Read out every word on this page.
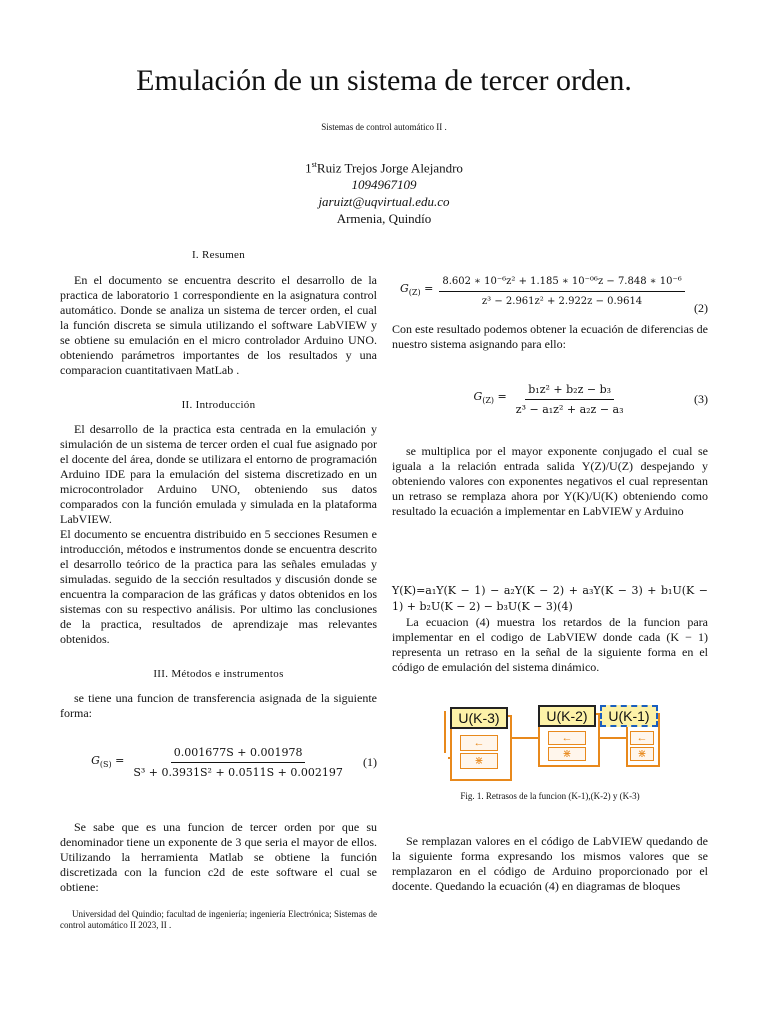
Emulación de un sistema de tercer orden.
Sistemas de control automático II .
1stRuiz Trejos Jorge Alejandro
1094967109
jaruizt@uqvirtual.edu.co
Armenia, Quindío

I. Resumen

En el documento se encuentra descrito el desarrollo de la practica de laboratorio 1 correspondiente en la asignatura control automático. Donde se analiza un sistema de tercer orden, el cual la función discreta se simula utilizando el software LabVIEW y se obtiene su emulación en el micro controlador Arduino UNO. obteniendo parámetros importantes de los resultados y una comparacion cuantitativaen MatLab .

II. Introducción

El desarrollo de la practica esta centrada en la emulación y simulación de un sistema de tercer orden el cual fue asignado por el docente del área, donde se utilizara el entorno de programación Arduino IDE para la emulación del sistema discretizado en un microcontrolador Arduino UNO, obteniendo sus datos comparados con la función emulada y simulada en la plataforma LabVIEW.

El documento se encuentra distribuido en 5 secciones Resumen e introducción, métodos e instrumentos donde se encuentra descrito el desarrollo teórico de la practica para las señales emuladas y simuladas. seguido de la sección resultados y discusión donde se encuentra la comparacion de las gráficas y datos obtenidos en los sistemas con su respectivo análisis. Por ultimo las conclusiones de la practica, resultados de aprendizaje mas relevantes obtenidos.

III. Métodos e instrumentos

se tiene una funcion de transferencia asignada de la siguiente forma:

$G_{(S)} = \frac{0.001677S + 0.001978}{\text{S³ + 0.3931S² + 0.0511S + 0.002197}} (1)$

Se sabe que es una funcion de tercer orden por que su denominador tiene un exponente de 3 que seria el mayor de ellos. Utilizando la herramienta Matlab se obtiene la función discretizada con la funcion c2d de este software el cual se obtiene:

Universidad del Quindio; facultad de ingeniería; ingeniería Electrónica; Sistemas de control automático II 2023, II .

$G_{(Z)} = \frac{\text{8.602 ∗ 10⁻⁶z² + 1.185 ∗ 10⁻⁰⁶z − 7.848 ∗ 10⁻⁶}}{\text{z³ − 2.961z² + 2.922z − 0.9614}} (2)$

Con este resultado podemos obtener la ecuación de diferencias de nuestro sistema asignando para ello:

$G_{(Z)} = \frac{\text{b₁z² + b₂z − b₃}}{\text{z³ − a₁z² + a₂z − a₃}}$	(3)

se multiplica por el mayor exponente conjugado el cual se iguala a la relación entrada salida Y(Z)/U(Z) despejando y obteniendo valores con exponentes negativos el cual representan un retraso se remplaza ahora por Y(K)/U(K) obteniendo como resultado la ecuación a implementar en LabVIEW y Arduino

Y(K)=a₁Y(K − 1) − a₂Y(K − 2) + a₃Y(K − 3) + b₁U(K − 1) + b₂U(K − 2) − b₃U(K − 3)(4)

La ecuacion (4) muestra los retardos de la funcion para implementar en el codigo de LabVIEW donde cada (K − 1) representa un retraso en la señal de la siguiente forma en el código de emulación del sistema dinámico.

U(K-3)	U(K-2)	U(K-1)
←
⋇
←
⋇
←
⋇
Fig. 1. Retrasos de la funcion (K-1),(K-2) y (K-3)

Se remplazan valores en el código de LabVIEW quedando de la siguiente forma expresando los mismos valores que se remplazaron en el código de Arduino proporcionado por el docente. Quedando la ecuación (4) en diagramas de bloques
